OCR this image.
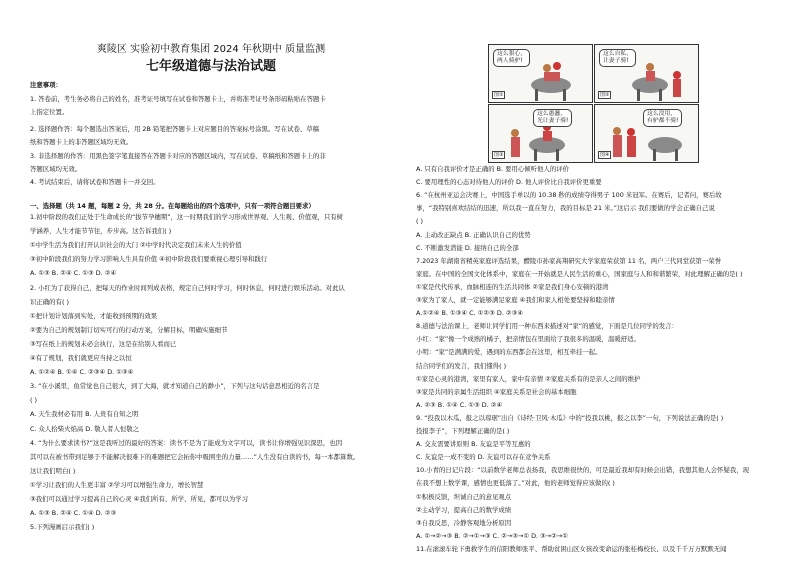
爽陵区 实验初中教育集团 2024 年秋期中 质量监测
七年级道德与法治试题
注意事项：
1. 答卷前，考生务必将自己的姓名，准考证号填写在试卷和答题卡上，并将准考证号条形码粘贴在答题卡
上指定位置。
2. 选择题作答：每个题选出答案后，用 2B 铅笔把答题卡上对应题目的答案标号涂黑。写在试卷、草稿
纸和答题卡上的非答题区域均无效。
3. 非选择题的作答：用黑色签字笔直接答在答题卡对应的答题区域内，写在试卷、草稿纸和答题卡上的非
答题区域均无效。
4. 考试结束后，请将试卷和答题卡一并交回。
一、选择题（共 14 题，每题 2 分，共 28 分。在每题给出的四个选项中，只有一项符合题目要求）
1.初中阶段的我们正处于生命成长的“拔节孕穗期”，这一时期我们的学习形成世界观、人生观、价值观，只有树
学涵养，人生才能节节往，步步高。这告诉我们( )
①中学生活为我们打开认识社会的大门 ②中学时代决定我们未来人生的价值
③初中阶段我们的努力学习影响人生具有价值 ④初中阶段我们要重视心理引导和践行
A. ①③ B. ②④ C. ①③ D. ②④
2. 小红为了获得自己，把每天的作业时间列成表格，规定自己何时学习，何时休息，何时进行娱乐活动。对此认
识正确的有( )
①把计划计划落到实处，才能收到预期的效果
②要为自己的规划制订切实可行的行动方案，分解目标，明确实施细节
③写在纸上的规划未必会执行，这是在给别人看而已
④有了规划，我们就更应当持之以恒
A. ①②④ B. ①④ C. ②③④ D. ①③④
3. “在小溪里，鱼常觉也自己很大，到了大海，就才知道自己的渺小”，下列与这句话意思相近的名言是
( )
A. 天生我材必有用 B. 人贵有自知之明
C. 众人拾柴火焰高 D. 敬人者人恒敬之
4. “为什么要求读书?”这是我听过的最好的答案：读书不是为了能成为文字可以，读书让你增强见识深思，也因
其可以在被书带到足够于不能解决很难下的难题把它会拓你中吸围坐的力量……”人生没有白读的书，每一本都算数。
这让我们明白( )
①学习让我们的人生更丰富 ②学习可以增强生命力，增长智慧
③我们可以通过学习提高自己的心灵 ④我们所有、所学、所见，都可以为学习
A. ①③ B. ②④ C. ①④ D. ②③
5.下列漫画启示我们( )
这么狠心，
两人骑驴!
图①
这么自私，
让妻子骑!
图②
这么愚蠢，
光让妻子骑!
图③
这么没用，
有驴都不骑!
图④
A. 只有自我评价才是正确的 B. 要用心倾听他人的评价
C. 要用理性的心态对待他人的评价 D. 他人评价比自我评价更重要
6. “在杭州亚运会决赛上，中国选手单以的 10.38 秒的成绩夺得男子 100 米冠军。在赛后，记者问，赛后故
事，“我特别喜欢结结的迅速，所以我一直在努力，我的目标是 21 米。”这启示 我们要做的学会正确自己说
( )
A. 主动改正缺点 B. 正确认识自己的优势
C. 不断激发潜能 D. 接纳自己的全部
7.2023 年湖南省精英家庭评选结果，醴陵市孙家高翔研究大学家庭荣获第 11 名，两户三代同堂获第一荣誉
家庭。在中国的全国文化体系中，家庭在一开始就是人民生活的重心，国家庭与人和和谐繁荣，对此理解正确的是( )
①家是代代传承，血脉相连的生活共同体 ②家是我们身心安顿的港湾
③家为了家人，就一定能够满足家庭 ④我们和家人相处要坚持和睦亲情
A.①②④ B. ①③④ C. ①②③ D. ②③④
8.道德与法治课上，老师让同学们用一种东西来描述对“家”的感觉，下面是几位同学的发言：
小红：“家”像一个成熟的橘子，把亲情包在里面给了我很多的温暖，温暖舒适。
小明：“家”是满满的爱，遇到的东西都会在这里，相互牵挂一起。
结合同学们的发言，我们懂得( )
①家是心灵的港湾，家里有家人，家中有亲情 ②家庭关系有的是亲人之间的维护
③家是共同的亲属生活组织 ④家庭关系是社会的基本细胞
A. ②③ B. ①④ C. ①③ D. ②④
9. “投我以木瓜，报之以琼琚”出自《诗经·卫风·木瓜》中的“投我以桃，报之以李”一句，下列说法正确的是( )
投报李子”，下列理解正确的是( )
A. 交友需要讲原则 B. 友谊是平等互惠的
C. 友谊是一成不变的 D. 友谊可以存在竞争关系
10.小青的日记片段：“以前数学老师总表扬我，我思维很快的，可是最近我却有时候会出错，我想其他人会怀疑我，现
在我不想上数学课，感情也更低落了。”对此，他的老师觉得应该做的( )
①积极反馈，坦诚自己的意见观点
②主动学习，提高自己的数学成绩
③自我反思，冷静客观地分析原因
A. ①→②→③ B. ②→①→③ C. ②→③→① D. ③→②→①
11.在滚滚车轮下勇救学生的信阳教师张平、帮助贫困山区女孩改变命运的张桂梅校长、以及千千万万默默无闻
